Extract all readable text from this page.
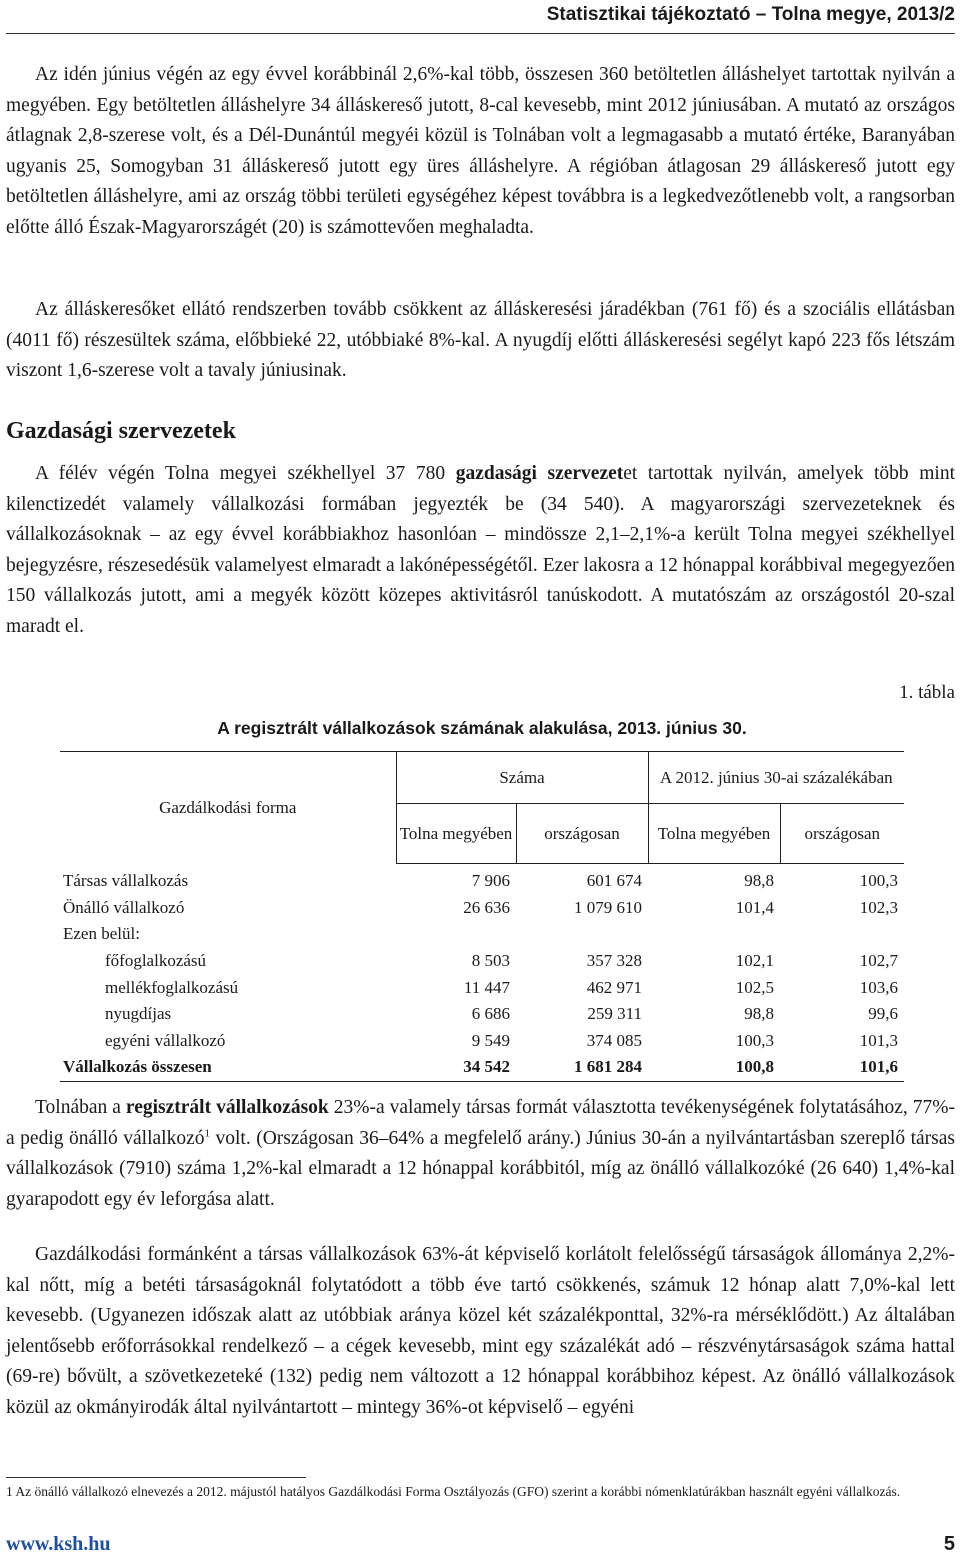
Statisztikai tájékoztató – Tolna megye, 2013/2

Az idén június végén az egy évvel korábbinál 2,6%-kal több, összesen 360 betöltetlen álláshelyet tartottak nyilván a megyében. Egy betöltetlen álláshelyre 34 álláskereső jutott, 8-cal kevesebb, mint 2012 júniusában. A mutató az országos átlagnak 2,8-szerese volt, és a Dél-Dunántúl megyéi közül is Tolnában volt a legmagasabb a mutató értéke, Baranyában ugyanis 25, Somogyban 31 álláskereső jutott egy üres álláshelyre. A régióban átlagosan 29 álláskereső jutott egy betöltetlen álláshelyre, ami az ország többi területi egységéhez képest továbbra is a legkedvezőtlenebb volt, a rangsorban előtte álló Észak-Magyarországét (20) is számottevően meghaladta.

Az álláskeresőket ellátó rendszerben tovább csökkent az álláskeresési járadékban (761 fő) és a szociális ellátásban (4011 fő) részesültek száma, előbbieké 22, utóbbiaké 8%-kal. A nyugdíj előtti álláskeresési segélyt kapó 223 fős létszám viszont 1,6-szerese volt a tavaly júniusinak.

Gazdasági szervezetek

A félév végén Tolna megyei székhellyel 37 780 gazdasági szervezetet tartottak nyilván, amelyek több mint kilenctizedét valamely vállalkozási formában jegyezték be (34 540). A magyarországi szervezeteknek és vállalkozásoknak – az egy évvel korábbiakhoz hasonlóan – mindössze 2,1–2,1%-a került Tolna megyei székhellyel bejegyzésre, részesedésük valamelyest elmaradt a lakónépességétől. Ezer lakosra a 12 hónappal korábbival megegyezően 150 vállalkozás jutott, ami a megyék között közepes aktivitásról tanúskodott. A mutatószám az országostól 20-szal maradt el.

1. tábla
A regisztrált vállalkozások számának alakulása, 2013. június 30.
Gazdálkodási forma	Száma		A 2012. június 30-ai százalékában	
	Tolna megyében	országosan	Tolna megyében	országosan
Társas vállalkozás	7 906	601 674	98,8	100,3
Önálló vállalkozó	26 636	1 079 610	101,4	102,3
Ezen belül:				
főfoglalkozású	8 503	357 328	102,1	102,7
mellékfoglalkozású	11 447	462 971	102,5	103,6
nyugdíjas	6 686	259 311	98,8	99,6
egyéni vállalkozó	9 549	374 085	100,3	101,3
Vállalkozás összesen	34 542	1 681 284	100,8	101,6

Tolnában a regisztrált vállalkozások 23%-a valamely társas formát választotta tevékenységének folytatásához, 77%-a pedig önálló vállalkozó$^1$ volt. (Országosan 36–64% a megfelelő arány.) Június 30-án a nyilvántartásban szereplő társas vállalkozások (7910) száma 1,2%-kal elmaradt a 12 hónappal korábbitól, míg az önálló vállalkozóké (26 640) 1,4%-kal gyarapodott egy év leforgása alatt.

Gazdálkodási formánként a társas vállalkozások 63%-át képviselő korlátolt felelősségű társaságok állománya 2,2%-kal nőtt, míg a betéti társaságoknál folytatódott a több éve tartó csökkenés, számuk 12 hónap alatt 7,0%-kal lett kevesebb. (Ugyanezen időszak alatt az utóbbiak aránya közel két százalékponttal, 32%-ra mérséklődött.) Az általában jelentősebb erőforrásokkal rendelkező – a cégek kevesebb, mint egy százalékát adó – részvénytársaságok száma hattal (69-re) bővült, a szövetkezeteké (132) pedig nem változott a 12 hónappal korábbihoz képest. Az önálló vállalkozások közül az okmányirodák által nyilvántartott – mintegy 36%-ot képviselő – egyéni

1 Az önálló vállalkozó elnevezés a 2012. májustól hatályos Gazdálkodási Forma Osztályozás (GFO) szerint a korábbi nómenklatúrákban használt egyéni vállalkozás.

www.ksh.hu	5
